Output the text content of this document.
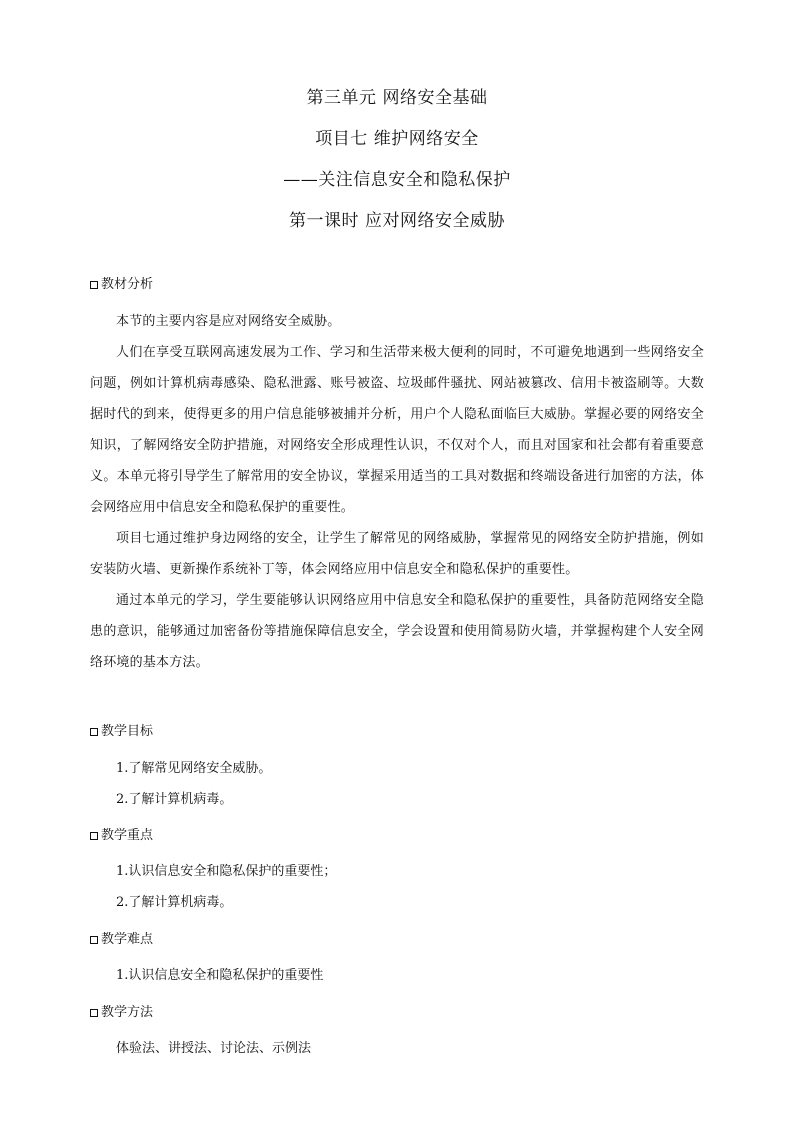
第三单元 网络安全基础
项目七 维护网络安全
——关注信息安全和隐私保护
第一课时 应对网络安全威胁
教材分析

本节的主要内容是应对网络安全威胁。

人们在享受互联网高速发展为工作、学习和生活带来极大便利的同时，不可避免地遇到一些网络安全问题，例如计算机病毒感染、隐私泄露、账号被盗、垃圾邮件骚扰、网站被篡改、信用卡被盗刷等。大数据时代的到来，使得更多的用户信息能够被捕并分析，用户个人隐私面临巨大威胁。掌握必要的网络安全知识，了解网络安全防护措施，对网络安全形成理性认识，不仅对个人，而且对国家和社会都有着重要意义。本单元将引导学生了解常用的安全协议，掌握采用适当的工具对数据和终端设备进行加密的方法，体会网络应用中信息安全和隐私保护的重要性。

项目七通过维护身边网络的安全，让学生了解常见的网络威胁，掌握常见的网络安全防护措施，例如安装防火墙、更新操作系统补丁等，体会网络应用中信息安全和隐私保护的重要性。

通过本单元的学习，学生要能够认识网络应用中信息安全和隐私保护的重要性，具备防范网络安全隐患的意识，能够通过加密备份等措施保障信息安全，学会设置和使用简易防火墙，并掌握构建个人安全网络环境的基本方法。

教学目标
1.了解常见网络安全威胁。
2.了解计算机病毒。
教学重点
1.认识信息安全和隐私保护的重要性；
2.了解计算机病毒。
教学难点
1.认识信息安全和隐私保护的重要性
教学方法
体验法、讲授法、讨论法、示例法
